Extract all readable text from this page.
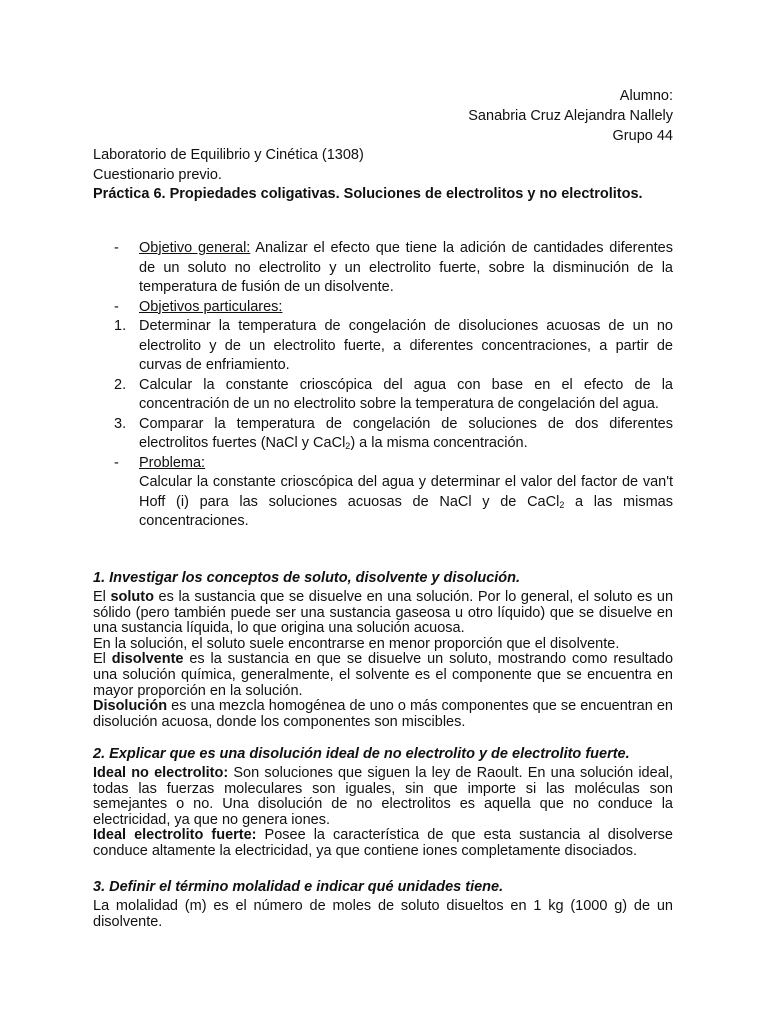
Alumno:
Sanabria Cruz Alejandra Nallely
Grupo 44
Laboratorio de Equilibrio y Cinética (1308)
Cuestionario previo.
Práctica 6. Propiedades coligativas. Soluciones de electrolitos y no electrolitos.
-	Objetivo general: Analizar el efecto que tiene la adición de cantidades diferentes de un soluto no electrolito y un electrolito fuerte, sobre la disminución de la temperatura de fusión de un disolvente.
-	Objetivos particulares:
1. Determinar la temperatura de congelación de disoluciones acuosas de un no electrolito y de un electrolito fuerte, a diferentes concentraciones, a partir de curvas de enfriamiento.
2. Calcular la constante crioscópica del agua con base en el efecto de la concentración de un no electrolito sobre la temperatura de congelación del agua.
3. Comparar la temperatura de congelación de soluciones de dos diferentes electrolitos fuertes (NaCl y CaCl$_2$) a la misma concentración.
-	Problema:
Calcular la constante crioscópica del agua y determinar el valor del factor de van't Hoff (i) para las soluciones acuosas de NaCl y de CaCl$_2$ a las mismas concentraciones.
1. Investigar los conceptos de soluto, disolvente y disolución.

El soluto es la sustancia que se disuelve en una solución. Por lo general, el soluto es un sólido (pero también puede ser una sustancia gaseosa u otro líquido) que se disuelve en una sustancia líquida, lo que origina una solución acuosa.

En la solución, el soluto suele encontrarse en menor proporción que el disolvente.

El disolvente es la sustancia en que se disuelve un soluto, mostrando como resultado una solución química, generalmente, el solvente es el componente que se encuentra en mayor proporción en la solución.

Disolución es una mezcla homogénea de uno o más componentes que se encuentran en disolución acuosa, donde los componentes son miscibles.

2. Explicar que es una disolución ideal de no electrolito y de electrolito fuerte.

Ideal no electrolito: Son soluciones que siguen la ley de Raoult. En una solución ideal, todas las fuerzas moleculares son iguales, sin que importe si las moléculas son semejantes o no. Una disolución de no electrolitos es aquella que no conduce la electricidad, ya que no genera iones.

Ideal electrolito fuerte: Posee la característica de que esta sustancia al disolverse conduce altamente la electricidad, ya que contiene iones completamente disociados.

3. Definir el término molalidad e indicar qué unidades tiene.

La molalidad (m) es el número de moles de soluto disueltos en 1 kg (1000 g) de un disolvente.
